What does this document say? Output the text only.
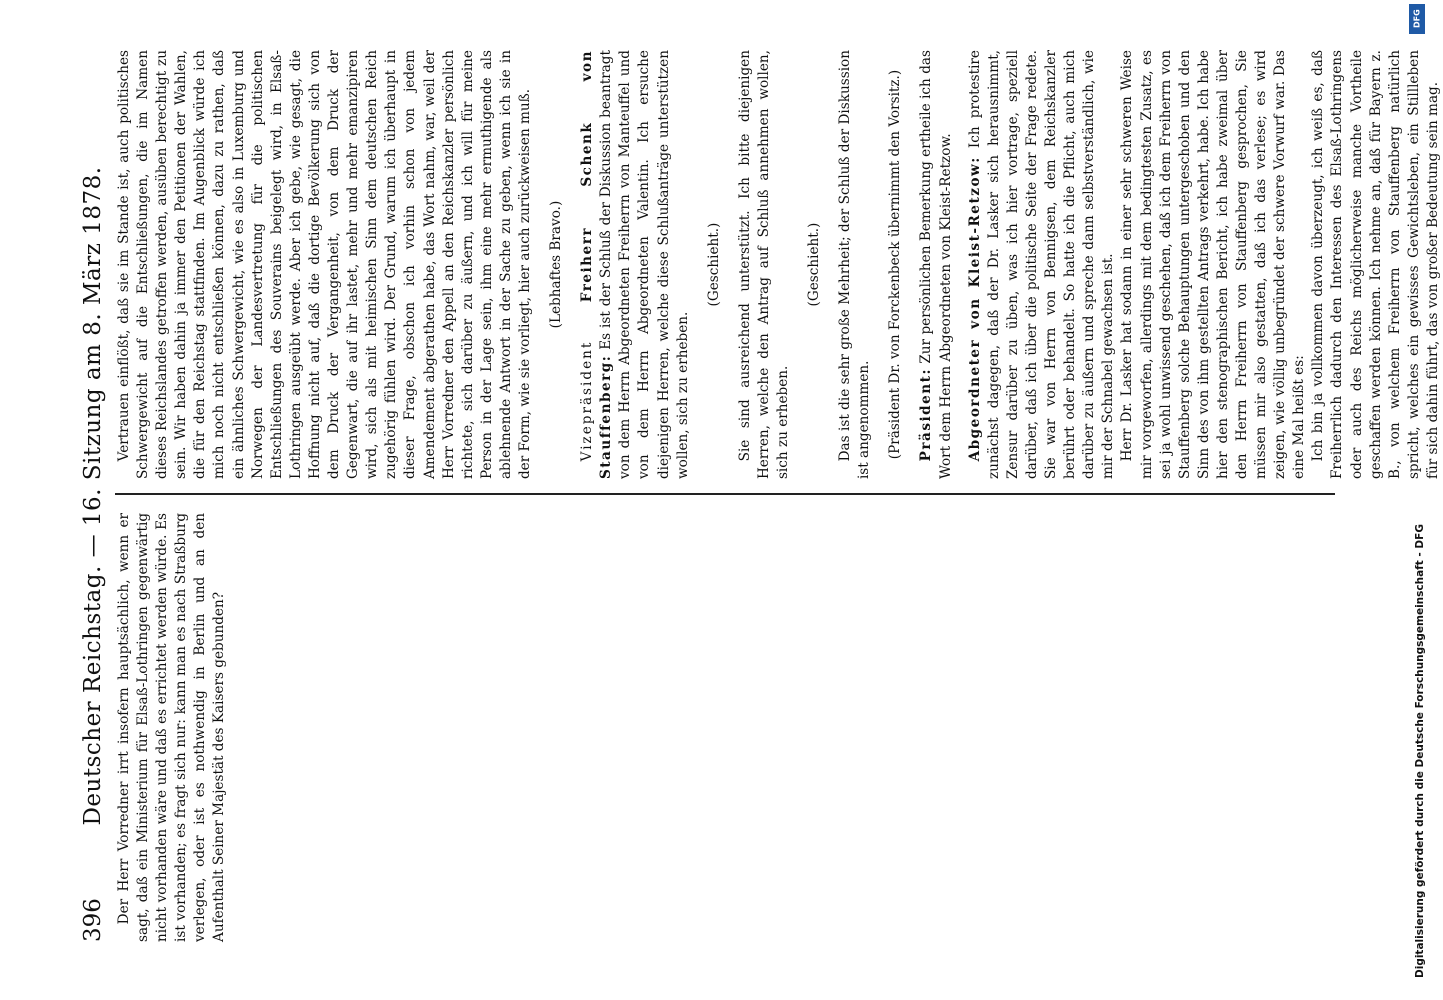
396
Deutscher Reichstag. — 16. Sitzung am 8. März 1878. Der Herr Vorredner irrt insofern hauptsächlich, wenn er sagt, daß ein Ministerium für Elsaß-Lothringen gegenwärtig nicht vorhanden wäre und daß es errichtet werden würde. Es ist vorhanden; es fragt sich nur: kann man es nach Straßburg verlegen, oder ist es nothwendig in Berlin und an den Aufenthalt Seiner Majestät des Kaisers gebunden?

Vertrauen einflößt, daß sie im Stande ist, auch politisches Schwergewicht auf die Entschließungen, die im Namen dieses Reichslandes getroffen werden, ausüben berechtigt zu sein. Wir haben dahin ja immer den Petitionen der Wahlen, die für den Reichstag stattfinden. Im Augenblick würde ich mich noch nicht entschließen können, dazu zu rathen, daß ein ähnliches Schwergewicht, wie es also in Luxemburg und Norwegen der Landesvertretung für die politischen Entschließungen des Souverains beigelegt wird, in Elsaß-Lothringen ausgeübt werde. Aber ich gebe, wie gesagt, die Hoffnung nicht auf, daß die dortige Bevölkerung sich von dem Druck der Vergangenheit, von dem Druck der Gegenwart, die auf ihr lastet, mehr und mehr emanzipiren wird, sich als mit heimischen Sinn dem deutschen Reich zugehörig fühlen wird. Der Grund, warum ich überhaupt in dieser Frage, obschon ich vorhin schon von jedem Amendement abgerathen habe, das Wort nahm, war, weil der Herr Vorredner den Appell an den Reichskanzler persönlich richtete, sich darüber zu äußern, und ich will für meine Person in der Lage sein, ihm eine mehr ermuthigende als ablehnende Antwort in der Sache zu geben, wenn ich sie in der Form, wie sie vorliegt, hier auch zurückweisen muß. (Lebhaftes Bravo.)

Vizepräsident Freiherr Schenk von Stauffenberg: Es ist der Schluß der Diskussion beantragt von dem Herrn Abgeordneten Freiherrn von Manteuffel und von dem Herrn Abgeordneten Valentin. Ich ersuche diejenigen Herren, welche diese Schlußanträge unterstützen wollen, sich zu erheben.

(Geschieht.) Sie sind ausreichend unterstützt. Ich bitte diejenigen Herren, welche den Antrag auf Schluß annehmen wollen, sich zu erheben.

(Geschieht.) Das ist die sehr große Mehrheit; der Schluß der Diskussion ist angenommen. (Präsident Dr. von Forckenbeck übernimmt den Vorsitz.) Präsident: Zur persönlichen Bemerkung ertheile ich das Wort dem Herrn Abgeordneten von Kleist-Retzow. Abgeordneter von Kleist-Retzow: Ich protestire zunächst dagegen, daß der Dr. Lasker sich herausnimmt, Zensur darüber zu üben, was ich hier vortrage, speziell darüber, daß ich über die politische Seite der Frage redete. Sie war von Herrn von Bennigsen, dem Reichskanzler berührt oder behandelt. So hatte ich die Pflicht, auch mich darüber zu äußern und spreche dann selbstverständlich, wie mir der Schnabel gewachsen ist. Herr Dr. Lasker hat sodann in einer sehr schweren Weise mir vorgeworfen, allerdings mit dem bedingtesten Zusatz, es sei ja wohl unwissend geschehen, daß ich dem Freiherrn von Stauffenberg solche Behauptungen untergeschoben und den Sinn des von ihm gestellten Antrags verkehrt, habe. Ich habe hier den stenographischen Bericht, ich habe zweimal über den Herrn Freiherrn von Stauffenberg gesprochen, Sie müssen mir also gestatten, daß ich das verlese; es wird zeigen, wie völlig unbegründet der schwere Vorwurf war. Das eine Mal heißt es: Ich bin ja vollkommen davon überzeugt, ich weiß es, daß Freiherrlich dadurch den Interessen des Elsaß-Lothringens oder auch des Reichs möglicherweise manche Vortheile geschaffen werden können. Ich nehme an, daß für Bayern z. B., von welchem Freiherrn von Stauffenberg natürlich spricht, welches ein gewisses Gewichtsleben, ein Stillleben für sich dahin führt, das von großer Bedeutung sein mag.

DFG
Digitalisierung gefördert durch die Deutsche Forschungsgemeinschaft - DFG
